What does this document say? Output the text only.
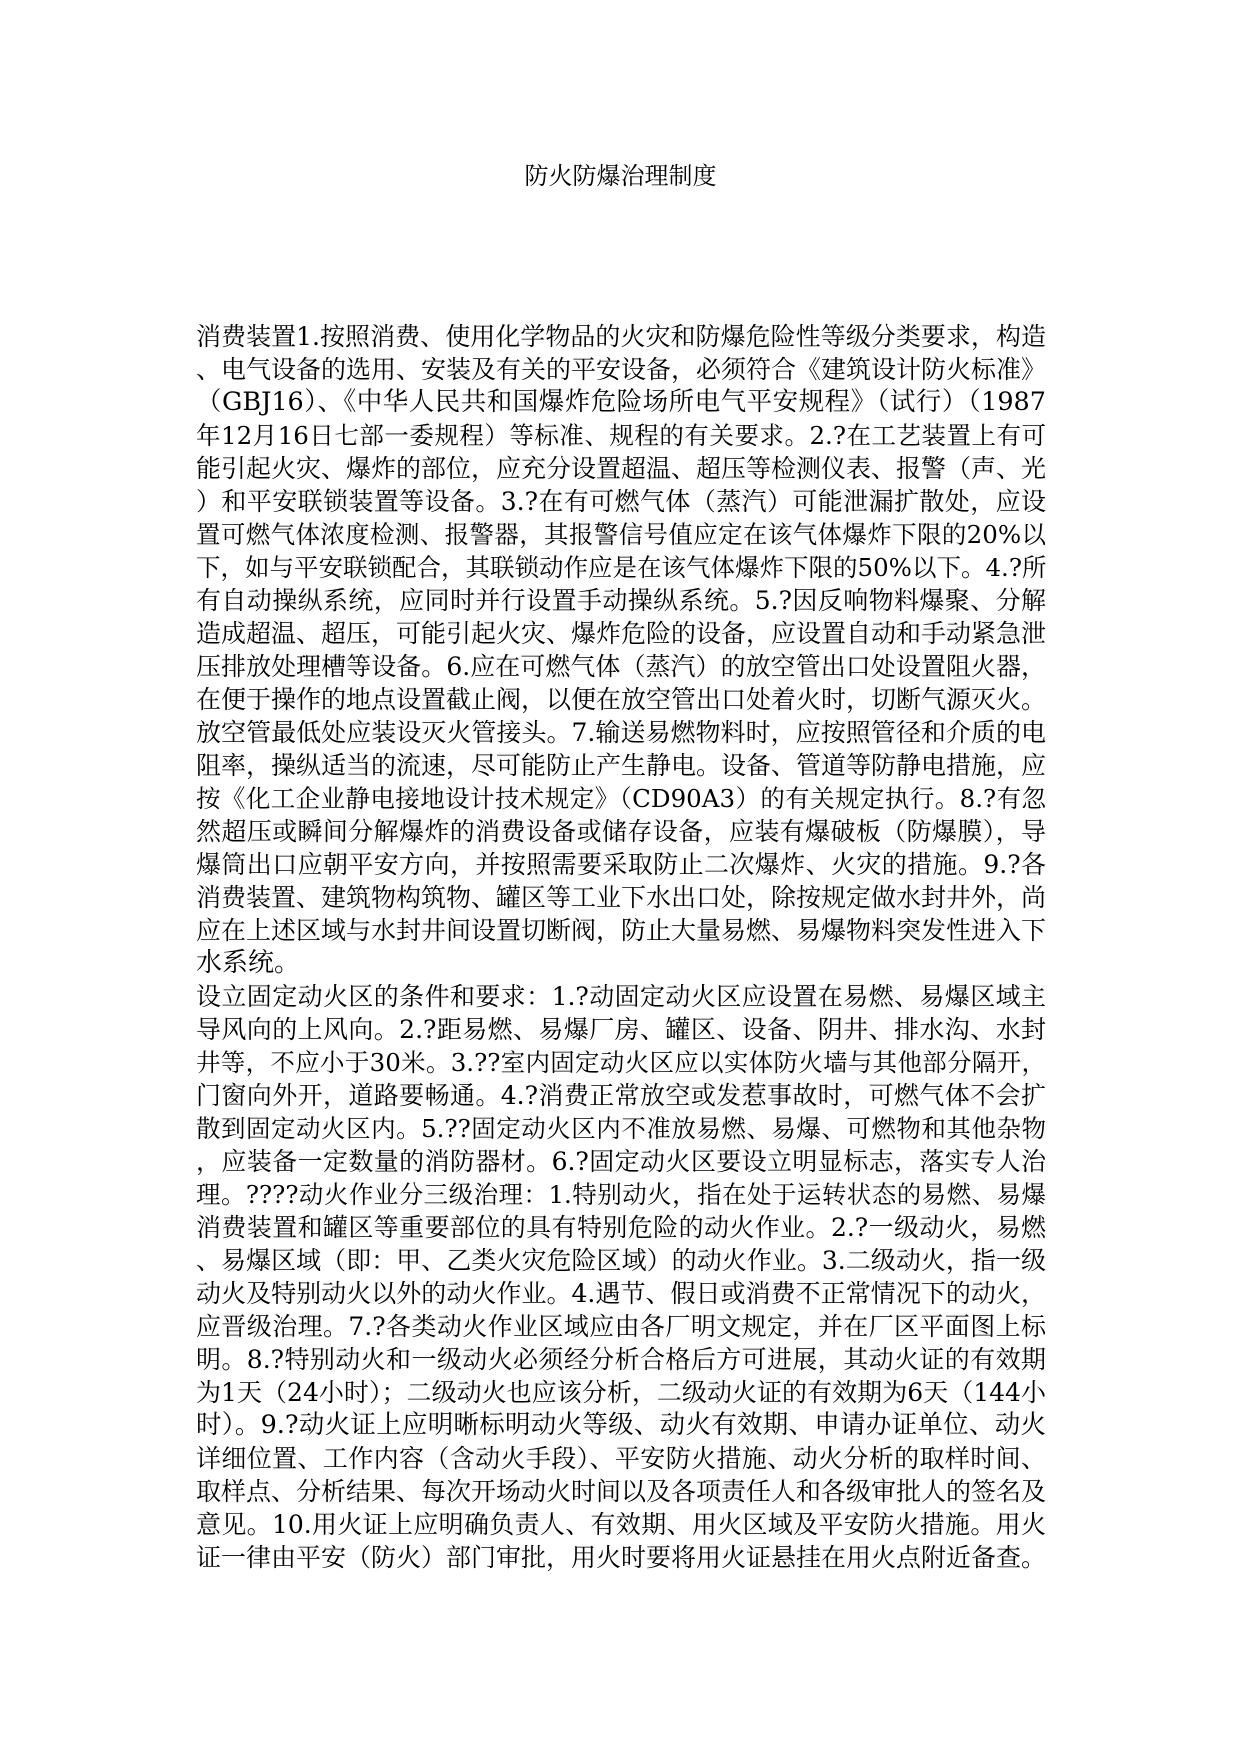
防火防爆治理制度
消费装置1.按照消费、使用化学物品的火灾和防爆危险性等级分类要求，构造
、电气设备的选用、安装及有关的平安设备，必须符合《建筑设计防火标准》
（GBJ16）、《中华人民共和国爆炸危险场所电气平安规程》（试行）（1987
年12月16日七部一委规程）等标准、规程的有关要求。2.?在工艺装置上有可
能引起火灾、爆炸的部位，应充分设置超温、超压等检测仪表、报警（声、光
）和平安联锁装置等设备。3.?在有可燃气体（蒸汽）可能泄漏扩散处，应设
置可燃气体浓度检测、报警器，其报警信号值应定在该气体爆炸下限的20%以
下，如与平安联锁配合，其联锁动作应是在该气体爆炸下限的50%以下。4.?所
有自动操纵系统，应同时并行设置手动操纵系统。5.?因反响物料爆聚、分解
造成超温、超压，可能引起火灾、爆炸危险的设备，应设置自动和手动紧急泄
压排放处理槽等设备。6.应在可燃气体（蒸汽）的放空管出口处设置阻火器，
在便于操作的地点设置截止阀，以便在放空管出口处着火时，切断气源灭火。
放空管最低处应装设灭火管接头。7.输送易燃物料时，应按照管径和介质的电
阻率，操纵适当的流速，尽可能防止产生静电。设备、管道等防静电措施，应
按《化工企业静电接地设计技术规定》（CD90A3）的有关规定执行。8.?有忽
然超压或瞬间分解爆炸的消费设备或储存设备，应装有爆破板（防爆膜），导
爆筒出口应朝平安方向，并按照需要采取防止二次爆炸、火灾的措施。9.?各
消费装置、建筑物构筑物、罐区等工业下水出口处，除按规定做水封井外，尚
应在上述区域与水封井间设置切断阀，防止大量易燃、易爆物料突发性进入下
水系统。
设立固定动火区的条件和要求：1.?动固定动火区应设置在易燃、易爆区域主
导风向的上风向。2.?距易燃、易爆厂房、罐区、设备、阴井、排水沟、水封
井等，不应小于30米。3.??室内固定动火区应以实体防火墙与其他部分隔开，
门窗向外开，道路要畅通。4.?消费正常放空或发惹事故时，可燃气体不会扩
散到固定动火区内。5.??固定动火区内不准放易燃、易爆、可燃物和其他杂物
，应装备一定数量的消防器材。6.?固定动火区要设立明显标志，落实专人治
理。????动火作业分三级治理：1.特别动火，指在处于运转状态的易燃、易爆
消费装置和罐区等重要部位的具有特别危险的动火作业。2.?一级动火，易燃
、易爆区域（即：甲、乙类火灾危险区域）的动火作业。3.二级动火，指一级
动火及特别动火以外的动火作业。4.遇节、假日或消费不正常情况下的动火，
应晋级治理。7.?各类动火作业区域应由各厂明文规定，并在厂区平面图上标
明。8.?特别动火和一级动火必须经分析合格后方可进展，其动火证的有效期
为1天（24小时）；二级动火也应该分析，二级动火证的有效期为6天（144小
时）。9.?动火证上应明晰标明动火等级、动火有效期、申请办证单位、动火
详细位置、工作内容（含动火手段）、平安防火措施、动火分析的取样时间、
取样点、分析结果、每次开场动火时间以及各项责任人和各级审批人的签名及
意见。10.用火证上应明确负责人、有效期、用火区域及平安防火措施。用火
证一律由平安（防火）部门审批，用火时要将用火证悬挂在用火点附近备查。
